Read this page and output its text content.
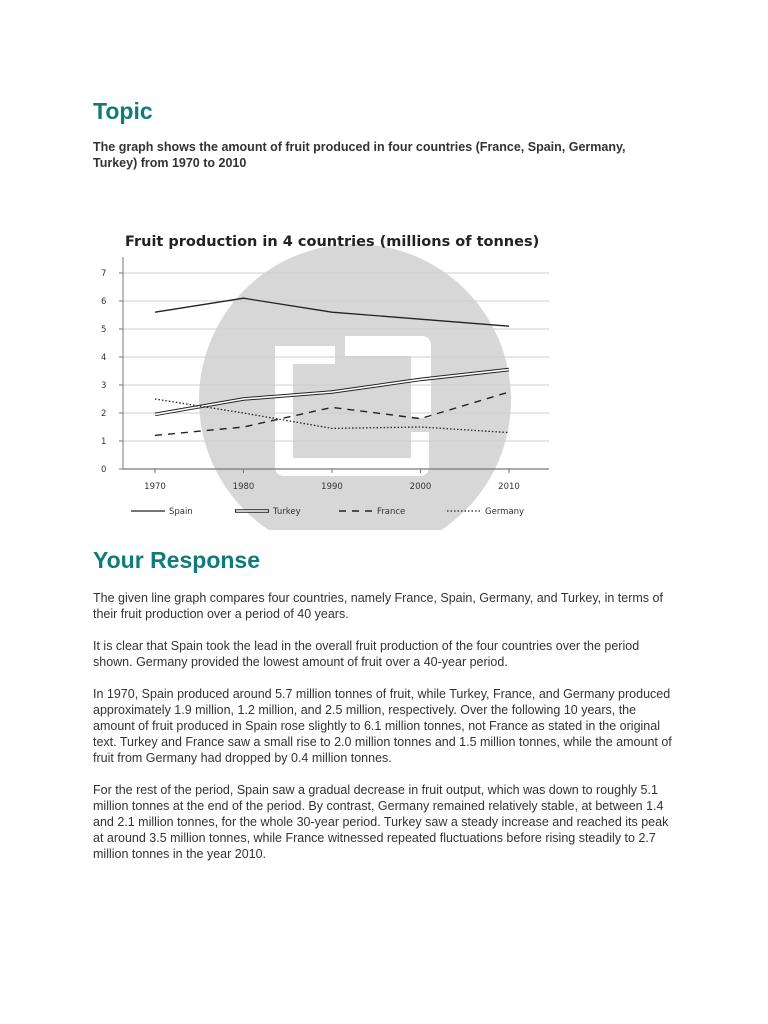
Topic

The graph shows the amount of fruit produced in four countries (France, Spain, Germany, Turkey) from 1970 to 2010

Fruit production in 4 countries (millions of tonnes)
0
1
2
3
4
5
6
7
1970	1980	1990	2000	2010
Spain	Turkey	France	Germany
Your Response

The given line graph compares four countries, namely France, Spain, Germany, and Turkey, in terms of their fruit production over a period of 40 years.

It is clear that Spain took the lead in the overall fruit production of the four countries over the period shown. Germany provided the lowest amount of fruit over a 40-year period.

In 1970, Spain produced around 5.7 million tonnes of fruit, while Turkey, France, and Germany produced approximately 1.9 million, 1.2 million, and 2.5 million, respectively. Over the following 10 years, the amount of fruit produced in Spain rose slightly to 6.1 million tonnes, not France as stated in the original text. Turkey and France saw a small rise to 2.0 million tonnes and 1.5 million tonnes, while the amount of fruit from Germany had dropped by 0.4 million tonnes.

For the rest of the period, Spain saw a gradual decrease in fruit output, which was down to roughly 5.1 million tonnes at the end of the period. By contrast, Germany remained relatively stable, at between 1.4 and 2.1 million tonnes, for the whole 30-year period. Turkey saw a steady increase and reached its peak at around 3.5 million tonnes, while France witnessed repeated fluctuations before rising steadily to 2.7 million tonnes in the year 2010.
